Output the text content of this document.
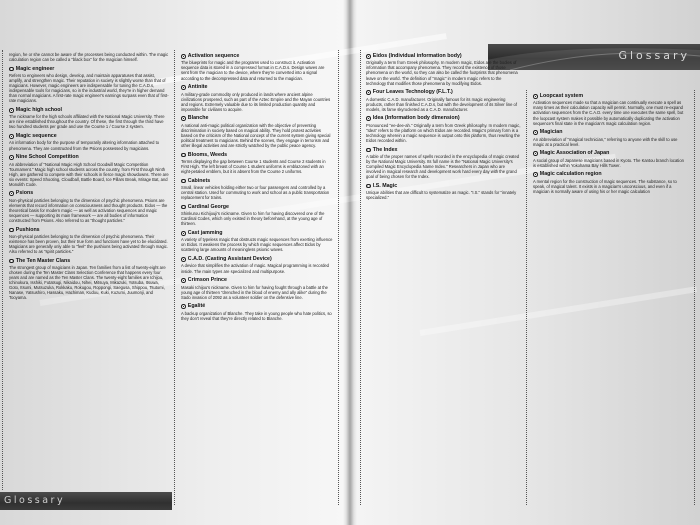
Glossary
Glossary

region, he or she cannot be aware of the processes being conducted within. The magic calculation region can be called a "black box" for the magician himself.

Magic engineer

Refers to engineers who design, develop, and maintain apparatuses that assist, amplify, and strengthen magic. Their reputation in society is slightly worse than that of magicians. However, magic engineers are indispensable for tuning the C.A.D.s, indispensable tools for magicians, so in the industrial world, they're in higher demand than normal magicians. A first-rate magic engineer's earnings surpass even that of first-rate magicians.

Magic high school

The nickname for the high schools affiliated with the National Magic University. There are nine established throughout the country. Of these, the first through the third have two hundred students per grade and use the Course 1 / Course 2 system.

Magic sequence

An information body for the purpose of temporarily altering information attached to phenomena. They are constructed from the Psions possessed by magicians.

Nine School Competition

An abbreviation of "National Magic High School Goodwill Magic Competition Tournament." Magic high school students across the country, from First through Ninth High, are gathered to compete with their schools in fierce magic showdowns. There are six events: Speed Shooting, Cloudball, Battle Board, Ice Pillars Break, Mirage Bat, and Monolith Code.

Psions

Non-physical particles belonging to the dimension of psychic phenomena. Psions are elements that record information on consciousness and thought products. Eidos — the theoretical basis for modern magic — as well as activation sequences and magic sequences — supporting its main framework — are all bodies of information constructed from Psions. Also referred to as "thought particles."

Pushions

Non-physical particles belonging to the dimension of psychic phenomena. Their existence has been proven, but their true form and functions have yet to be elucidated. Magicians are generally only able to "feel" the pushions being activated through magic. Also referred to as "spirit particles."

The Ten Master Clans

The strongest group of magicians in Japan. Ten families from a list of twenty-eight are chosen during the Ten Master Clans Selection Conference that happens every four years and are named as the Ten Master Clans. The twenty-eight families are Ichijou, Ichinokura, Isshiki, Futatsugi, Nikaidou, Nihei, Mitsuya, Mikazuki, Yotsuba, Itsuwa, Goto, Itsumi, Mutsuzuka, Rokkaku, Rokugou, Roppongi, Saegusa, Shippou, Tsutomi, Nanase, Yatsushiro, Hassaku, Hachiman, Kudou, Kuki, Kuzumi, Juumonji, and Tooyama.

Activation sequence

The blueprints for magic and the programs used to construct it. Activation sequence data is stored in a compressed format in C.A.D.s. Design waves are sent from the magician to the device, where they're converted into a signal according to the decompressed data and returned to the magician.

Antinite

A military-grade commodity only produced in lands where ancient alpine civilizations prospered, such as part of the Aztec Empire and the Mayan countries and regions. Extremely valuable due to its limited production quantity and impossible for civilians to acquire.

Blanche

A national anti-magic political organization with the objective of preventing discrimination in society based on magical ability. They hold protest activities based on the criticism of the National concept of the current system giving special political treatment to magicians. Behind the scenes, they engage in terrorism and other illegal activities and are strictly watched by the public peace agency.

Blooms, Weeds

Terms displaying the gap between Course 1 students and Course 2 students in First High. The left breast of Course 1 student uniforms is emblazoned with an eight-petaled emblem, but it is absent from the Course 2 uniforms.

Cabinets

Small, linear vehicles holding either two or four passengers and controlled by a central station. Used for commuting to work and school as a public transportation replacement for trains.

Cardinal George

Shinkurou Kichijouji's nickname. Given to him for having discovered one of the Cardinal Codes, which only existed in theory beforehand, at the young age of thirteen.

Cast jamming

A variety of typeless magic that obstructs magic sequences from exerting influence on Eidos. It weakens the process by which magic sequences affect Eidos by scattering large amounts of meaningless psionic waves.

C.A.D. (Casting Assistant Device)

A device that simplifies the activation of magic. Magical programming is recorded inside. The main types are specialized and multipurpose.

Crimson Prince

Masaki Ichijou's nickname. Given to him for having fought through a battle at the young age of thirteen "drenched in the blood of enemy and ally alike" during the Sado invasion of 2092 as a volunteer soldier on the defensive line.

Egalité

A backup organization of Blanche. They take in young people who hate politics, so they don't reveal that they're directly related to Blanche.

Eidos (Individual information body)

Originally a term from Greek philosophy. In modern magic, Eidos are the bodies of information that accompany phenomena. They record the existence of those phenomena on the world, so they can also be called the footprints that phenomena leave on the world. The definition of "magic" in modern magic refers to the technology that modifies those phenomena by modifying Eidos.

Four Leaves Technology (F.L.T.)

A domestic C.A.D. manufacturer. Originally famous for its magic engineering products, rather than finished C.A.D.s, but with the development of its Silver line of models, its fame skyrocketed as a C.A.D. manufacturer.

Idea (Information body dimension)

Pronounced "ee-dee-ah." Originally a term from Greek philosophy. In modern magic, "Idea" refers to the platform on which Eidos are recorded. Magic's primary form is a technology wherein a magic sequence is output onto this platform, thus rewriting the Eidos recorded within.

The Index

A table of the proper names of spells recorded in the encyclopedia of magic created by the National Magic University. Its full name is the "National Magic University's Compiled Magic Encyclopedia Name Index." Researchers in Japan who are involved in magical research and development work hard every day with the grand goal of being chosen for the Index.

I.S. Magic

Unique abilities that are difficult to systematize as magic. "I.S." stands for "innately specialized."

Loopcast system

Activation sequences made so that a magician can continually execute a spell as many times as their calculation capacity will permit. Normally, one must re-expand activation sequences from the C.A.D. every time one executes the same spell, but the loopcast system makes it possible by automatically duplicating the activation sequence's final state in the magician's magic calculation region.

Magician

An abbreviation of "magical technician," referring to anyone with the skill to use magic at a practical level.

Magic Association of Japan

A social group of Japanese magicians based in Kyoto. The Kantou branch location is established within Yokohama Bay Hills Tower.

Magic calculation region

A mental region for the construction of magic sequences. The substance, so to speak, of magical talent. It exists in a magician's unconscious, and even if a magician is normally aware of using his or her magic calculation
